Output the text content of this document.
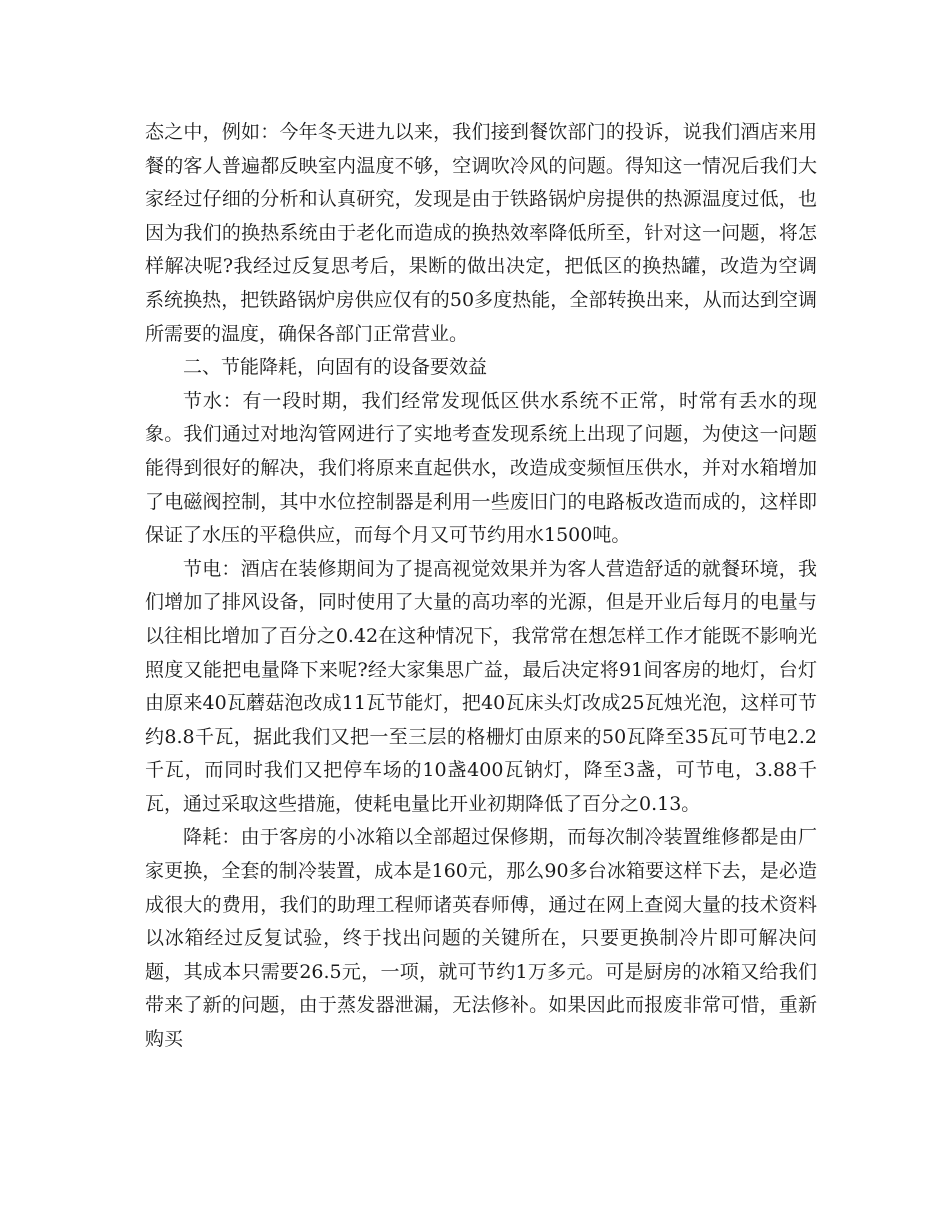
态之中，例如：今年冬天进九以来，我们接到餐饮部门的投诉，说我们酒店来用餐的客人普遍都反映室内温度不够，空调吹冷风的问题。得知这一情况后我们大家经过仔细的分析和认真研究，发现是由于铁路锅炉房提供的热源温度过低，也因为我们的换热系统由于老化而造成的换热效率降低所至，针对这一问题，将怎样解决呢?我经过反复思考后，果断的做出决定，把低区的换热罐，改造为空调系统换热，把铁路锅炉房供应仅有的50多度热能，全部转换出来，从而达到空调所需要的温度，确保各部门正常营业。

二、节能降耗，向固有的设备要效益

节水：有一段时期，我们经常发现低区供水系统不正常，时常有丢水的现象。我们通过对地沟管网进行了实地考查发现系统上出现了问题，为使这一问题能得到很好的解决，我们将原来直起供水，改造成变频恒压供水，并对水箱增加了电磁阀控制，其中水位控制器是利用一些废旧门的电路板改造而成的，这样即保证了水压的平稳供应，而每个月又可节约用水1500吨。

节电：酒店在装修期间为了提高视觉效果并为客人营造舒适的就餐环境，我们增加了排风设备，同时使用了大量的高功率的光源，但是开业后每月的电量与以往相比增加了百分之0.42在这种情况下，我常常在想怎样工作才能既不影响光照度又能把电量降下来呢?经大家集思广益，最后决定将91间客房的地灯，台灯由原来40瓦蘑菇泡改成11瓦节能灯，把40瓦床头灯改成25瓦烛光泡，这样可节约8.8千瓦，据此我们又把一至三层的格栅灯由原来的50瓦降至35瓦可节电2.2千瓦，而同时我们又把停车场的10盏400瓦钠灯，降至3盏，可节电，3.88千瓦，通过采取这些措施，使耗电量比开业初期降低了百分之0.13。

降耗：由于客房的小冰箱以全部超过保修期，而每次制冷装置维修都是由厂家更换，全套的制冷装置，成本是160元，那么90多台冰箱要这样下去，是必造成很大的费用，我们的助理工程师诸英春师傅，通过在网上查阅大量的技术资料以冰箱经过反复试验，终于找出问题的关键所在，只要更换制冷片即可解决问题，其成本只需要26.5元，一项，就可节约1万多元。可是厨房的冰箱又给我们带来了新的问题，由于蒸发器泄漏，无法修补。如果因此而报废非常可惜，重新购买
